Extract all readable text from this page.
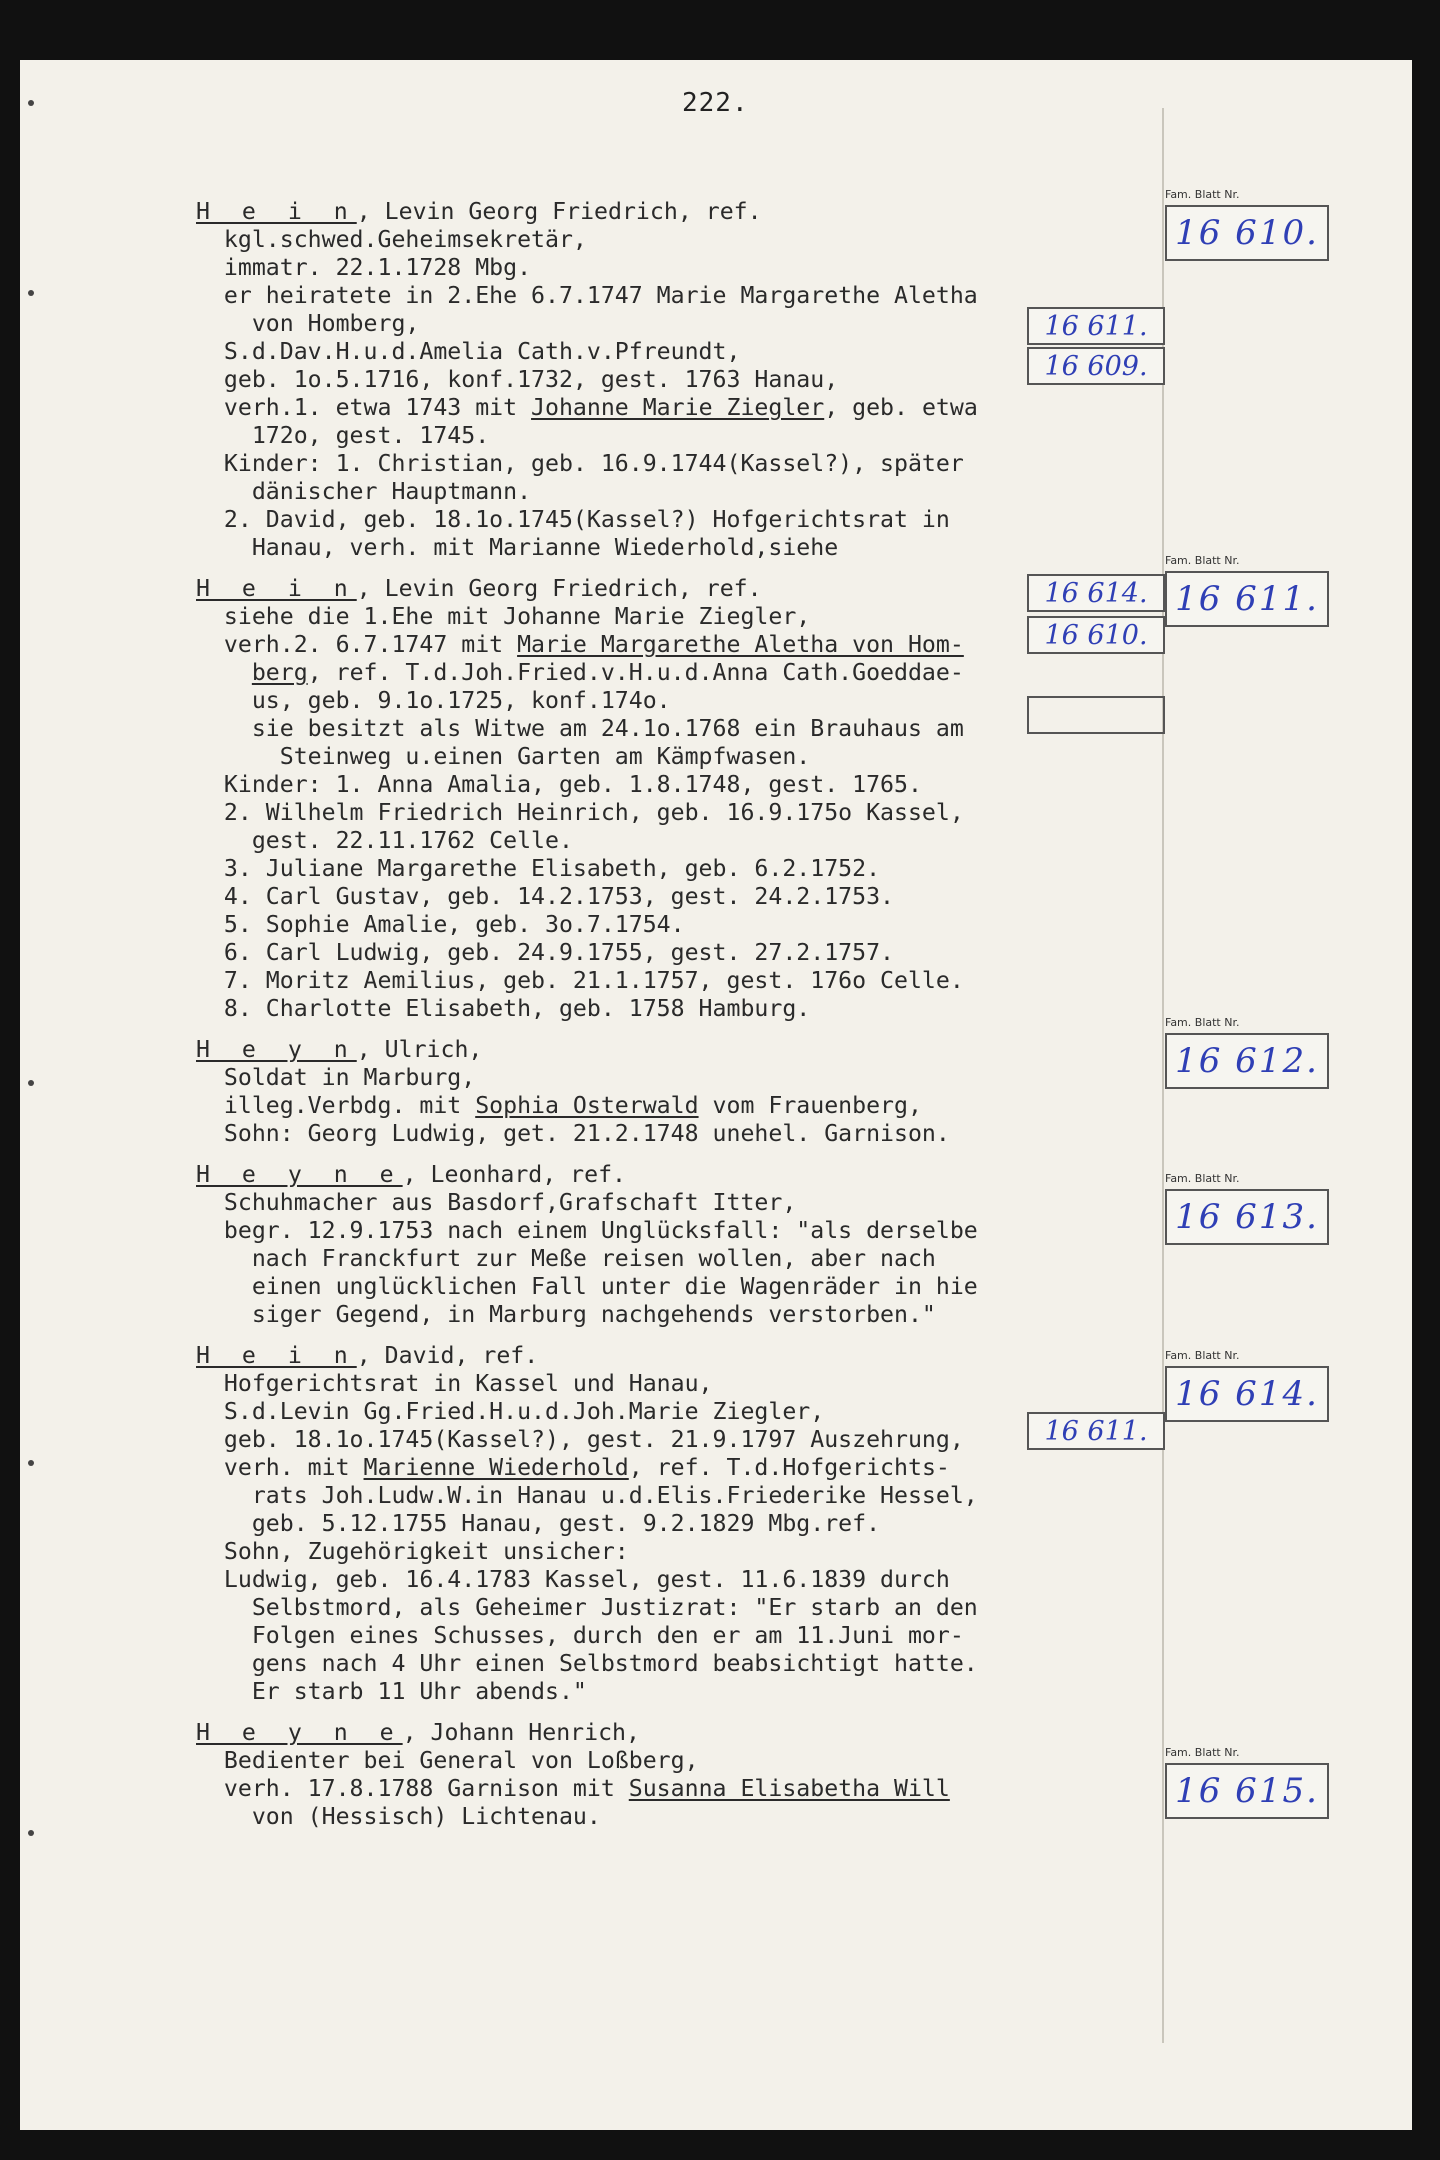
222.
H e i n, Levin Georg Friedrich, ref.
kgl.schwed.Geheimsekretär,
immatr. 22.1.1728 Mbg.
er heiratete in 2.Ehe 6.7.1747 Marie Margarethe Aletha
von Homberg,
S.d.Dav.H.u.d.Amelia Cath.v.Pfreundt,
geb. 1o.5.1716, konf.1732, gest. 1763 Hanau,
verh.1. etwa 1743 mit Johanne Marie Ziegler, geb. etwa
172o, gest. 1745.
Kinder: 1. Christian, geb. 16.9.1744(Kassel?), später
dänischer Hauptmann.
2. David, geb. 18.1o.1745(Kassel?) Hofgerichtsrat in
Hanau, verh. mit Marianne Wiederhold,siehe
H e i n, Levin Georg Friedrich, ref.
siehe die 1.Ehe mit Johanne Marie Ziegler,
verh.2. 6.7.1747 mit Marie Margarethe Aletha von Hom-
berg, ref. T.d.Joh.Fried.v.H.u.d.Anna Cath.Goeddae-
us, geb. 9.1o.1725, konf.174o.
sie besitzt als Witwe am 24.1o.1768 ein Brauhaus am
Steinweg u.einen Garten am Kämpfwasen.
Kinder: 1. Anna Amalia, geb. 1.8.1748, gest. 1765.
2. Wilhelm Friedrich Heinrich, geb. 16.9.175o Kassel,
gest. 22.11.1762 Celle.
3. Juliane Margarethe Elisabeth, geb. 6.2.1752.
4. Carl Gustav, geb. 14.2.1753, gest. 24.2.1753.
5. Sophie Amalie, geb. 3o.7.1754.
6. Carl Ludwig, geb. 24.9.1755, gest. 27.2.1757.
7. Moritz Aemilius, geb. 21.1.1757, gest. 176o Celle.
8. Charlotte Elisabeth, geb. 1758 Hamburg.
H e y n, Ulrich,
Soldat in Marburg,
illeg.Verbdg. mit Sophia Osterwald vom Frauenberg,
Sohn: Georg Ludwig, get. 21.2.1748 unehel. Garnison.
H e y n e, Leonhard, ref.
Schuhmacher aus Basdorf,Grafschaft Itter,
begr. 12.9.1753 nach einem Unglücksfall: "als derselbe
nach Franckfurt zur Meße reisen wollen, aber nach
einen unglücklichen Fall unter die Wagenräder in hie
siger Gegend, in Marburg nachgehends verstorben."
H e i n, David, ref.
Hofgerichtsrat in Kassel und Hanau,
S.d.Levin Gg.Fried.H.u.d.Joh.Marie Ziegler,
geb. 18.1o.1745(Kassel?), gest. 21.9.1797 Auszehrung,
verh. mit Marienne Wiederhold, ref. T.d.Hofgerichts-
rats Joh.Ludw.W.in Hanau u.d.Elis.Friederike Hessel,
geb. 5.12.1755 Hanau, gest. 9.2.1829 Mbg.ref.
Sohn, Zugehörigkeit unsicher:
Ludwig, geb. 16.4.1783 Kassel, gest. 11.6.1839 durch
Selbstmord, als Geheimer Justizrat: "Er starb an den
Folgen eines Schusses, durch den er am 11.Juni mor-
gens nach 4 Uhr einen Selbstmord beabsichtigt hatte.
Er starb 11 Uhr abends."
H e y n e, Johann Henrich,
Bedienter bei General von Loßberg,
verh. 17.8.1788 Garnison mit Susanna Elisabetha Will
von (Hessisch) Lichtenau.
Fam. Blatt Nr.
16 610.
Fam. Blatt Nr.
16 611.
Fam. Blatt Nr.
16 612.
Fam. Blatt Nr.
16 613.
Fam. Blatt Nr.
16 614.
Fam. Blatt Nr.
16 615.
16 611.
16 609.
16 614.
16 610.
16 611.
